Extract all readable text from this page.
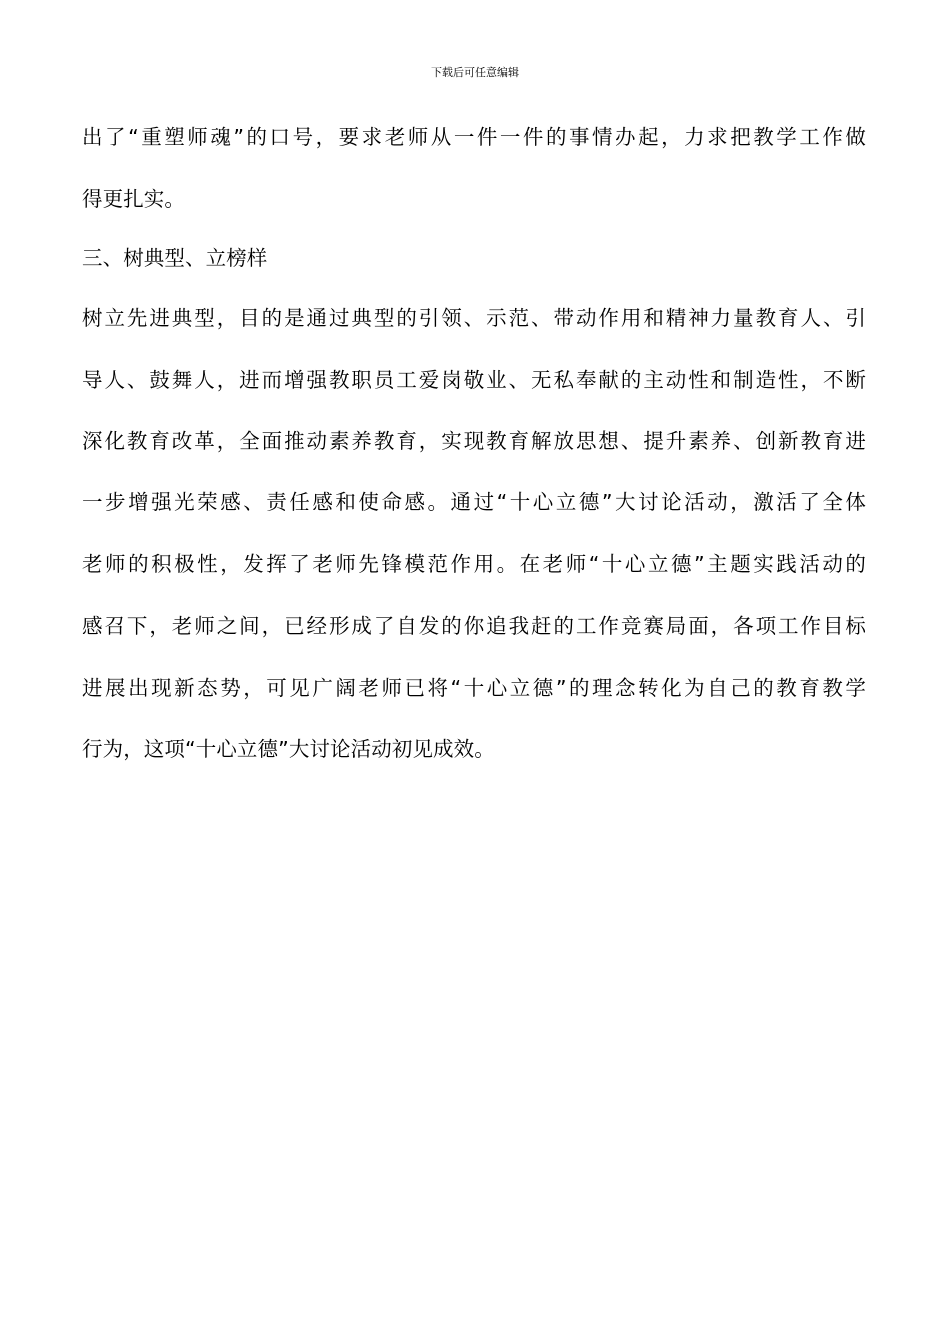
下载后可任意编辑
出了“重塑师魂”的口号，要求老师从一件一件的事情办起，力求把教学工作做
得更扎实。
三、树典型、立榜样
树立先进典型，目的是通过典型的引领、示范、带动作用和精神力量教育人、引
导人、鼓舞人，进而增强教职员工爱岗敬业、无私奉献的主动性和制造性，不断
深化教育改革，全面推动素养教育，实现教育解放思想、提升素养、创新教育进
一步增强光荣感、责任感和使命感。通过“十心立德”大讨论活动，激活了全体
老师的积极性，发挥了老师先锋模范作用。在老师“十心立德”主题实践活动的
感召下，老师之间，已经形成了自发的你追我赶的工作竞赛局面，各项工作目标
进展出现新态势，可见广阔老师已将“十心立德”的理念转化为自己的教育教学
行为，这项“十心立德”大讨论活动初见成效。
